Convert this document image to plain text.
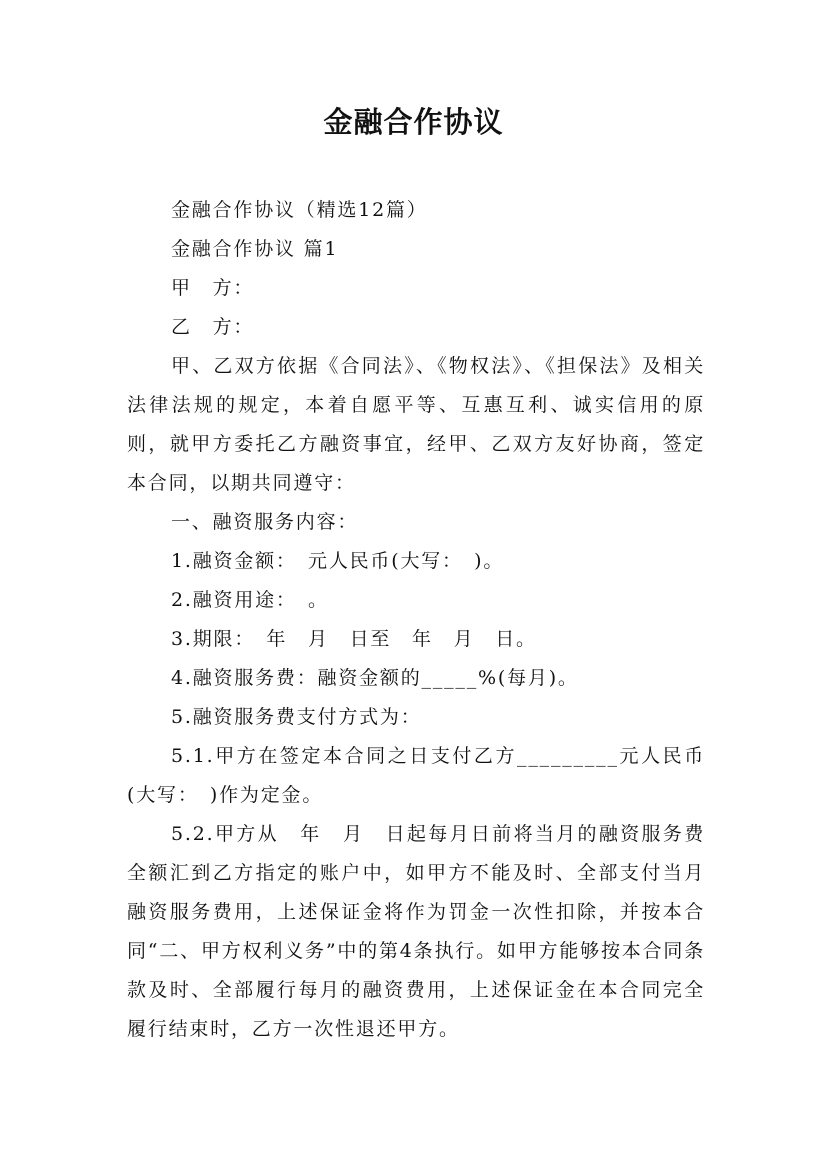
金融合作协议

金融合作协议（精选12篇）

金融合作协议 篇1

甲　方：

乙　方：

甲、乙双方依据《合同法》、《物权法》、《担保法》及相关法律法规的规定，本着自愿平等、互惠互利、诚实信用的原则，就甲方委托乙方融资事宜，经甲、乙双方友好协商，签定本合同，以期共同遵守：

一、融资服务内容：

1.融资金额：　元人民币(大写：　)。

2.融资用途：　。

3.期限：　年　月　日至　年　月　日。

4.融资服务费：融资金额的_____%(每月)。

5.融资服务费支付方式为：

5.1.甲方在签定本合同之日支付乙方_________元人民币(大写：　)作为定金。

5.2.甲方从　年　月　日起每月日前将当月的融资服务费全额汇到乙方指定的账户中，如甲方不能及时、全部支付当月融资服务费用，上述保证金将作为罚金一次性扣除，并按本合同“二、甲方权利义务”中的第4条执行。如甲方能够按本合同条款及时、全部履行每月的融资费用，上述保证金在本合同完全履行结束时，乙方一次性退还甲方。
